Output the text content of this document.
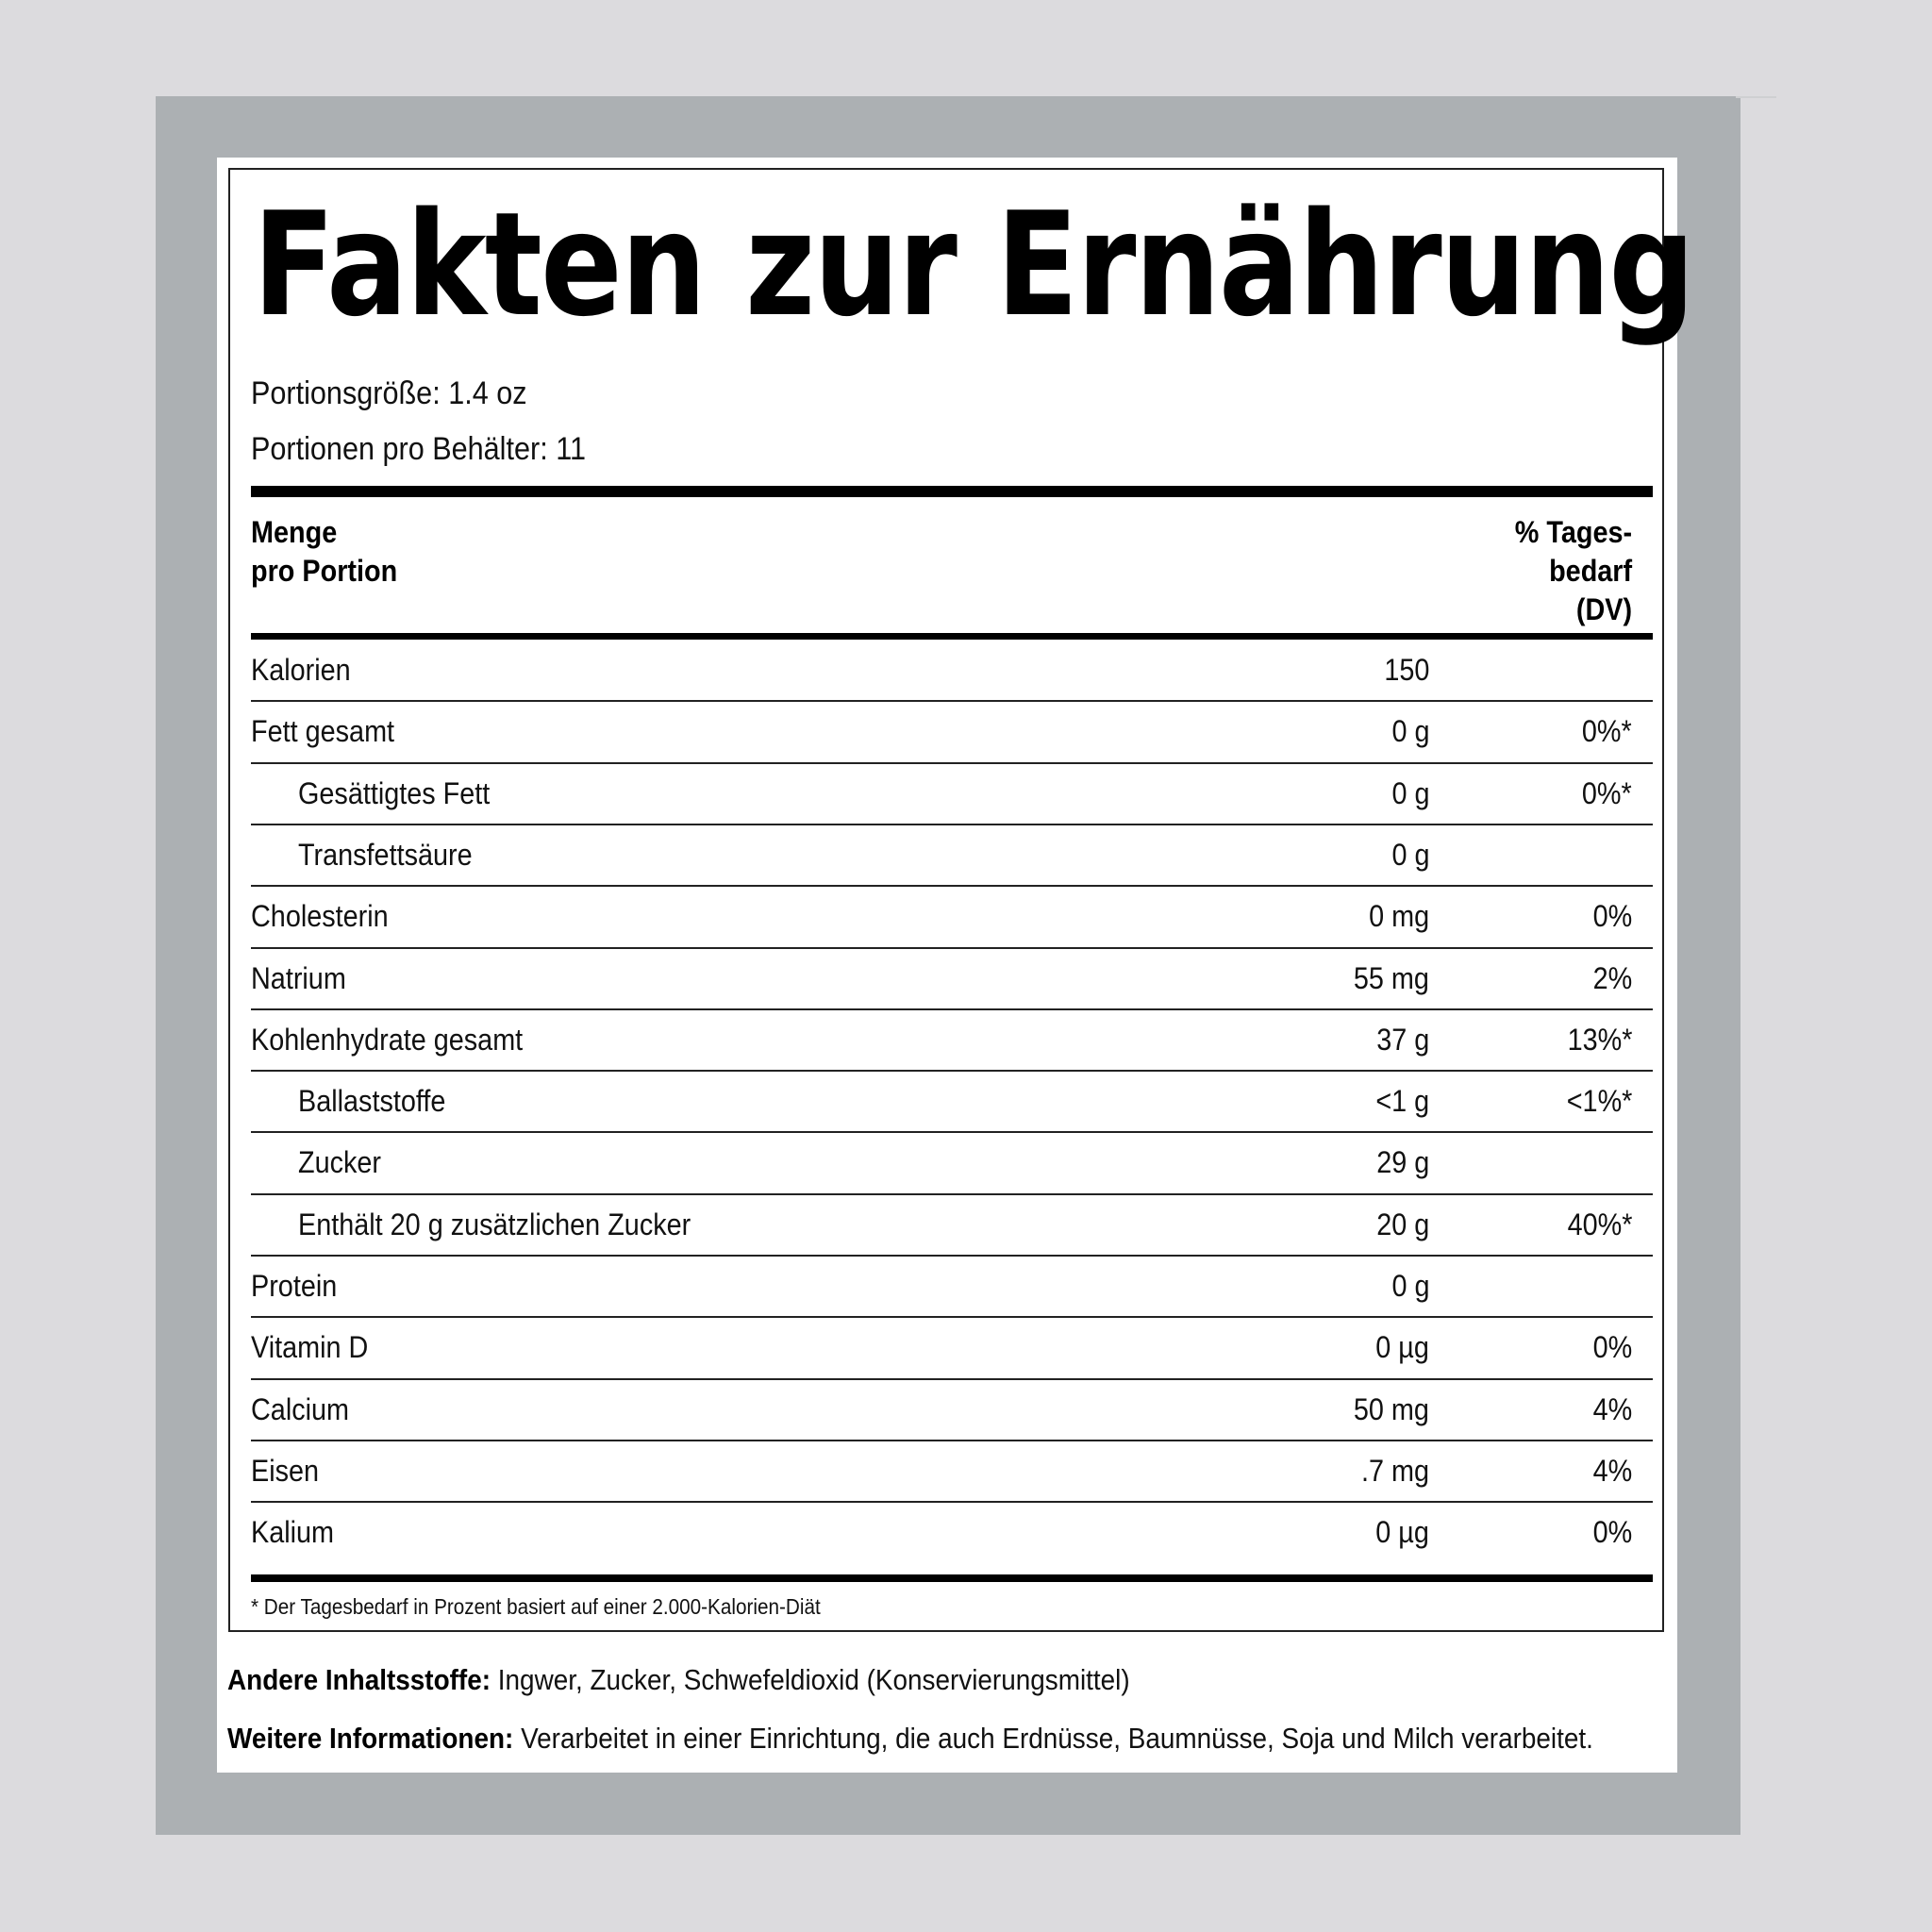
Fakten zur Ernährung
Portionsgröße: 1.4 oz
Portionen pro Behälter: 11
Menge
pro Portion
% Tages-
bedarf
(DV)
Kalorien	150
Fett gesamt	0 g	0%*
Gesättigtes Fett	0 g	0%*
Transfettsäure	0 g
Cholesterin	0 mg	0%
Natrium	55 mg	2%
Kohlenhydrate gesamt	37 g	13%*
Ballaststoffe	<1 g	<1%*
Zucker	29 g
Enthält 20 g zusätzlichen Zucker	20 g	40%*
Protein	0 g
Vitamin D	0 µg	0%
Calcium	50 mg	4%
Eisen	.7 mg	4%
Kalium	0 µg	0%
* Der Tagesbedarf in Prozent basiert auf einer 2.000-Kalorien-Diät
Andere Inhaltsstoffe: Ingwer, Zucker, Schwefeldioxid (Konservierungsmittel)
Weitere Informationen: Verarbeitet in einer Einrichtung, die auch Erdnüsse, Baumnüsse, Soja und Milch verarbeitet.
